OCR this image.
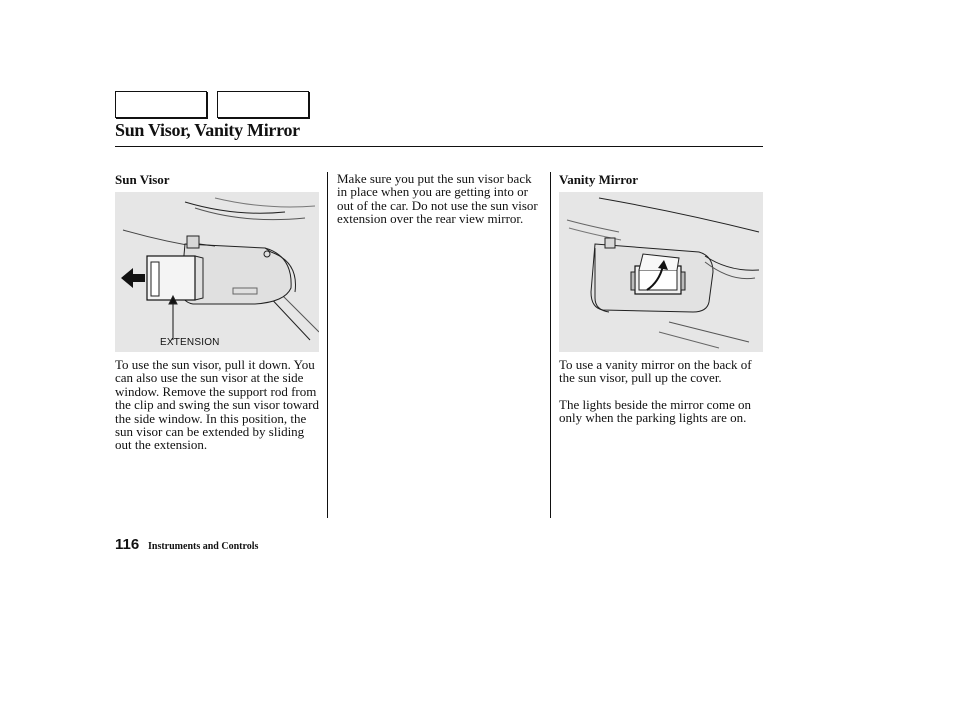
Sun Visor, Vanity Mirror
Sun Visor
EXTENSION

To use the sun visor, pull it down. You can also use the sun visor at the side window. Remove the support rod from the clip and swing the sun visor toward the side window. In this position, the sun visor can be extended by sliding out the extension.

Make sure you put the sun visor back in place when you are getting into or out of the car. Do not use the sun visor extension over the rear view mirror.

Vanity Mirror

To use a vanity mirror on the back of the sun visor, pull up the cover.

The lights beside the mirror come on only when the parking lights are on.

116 Instruments and Controls
